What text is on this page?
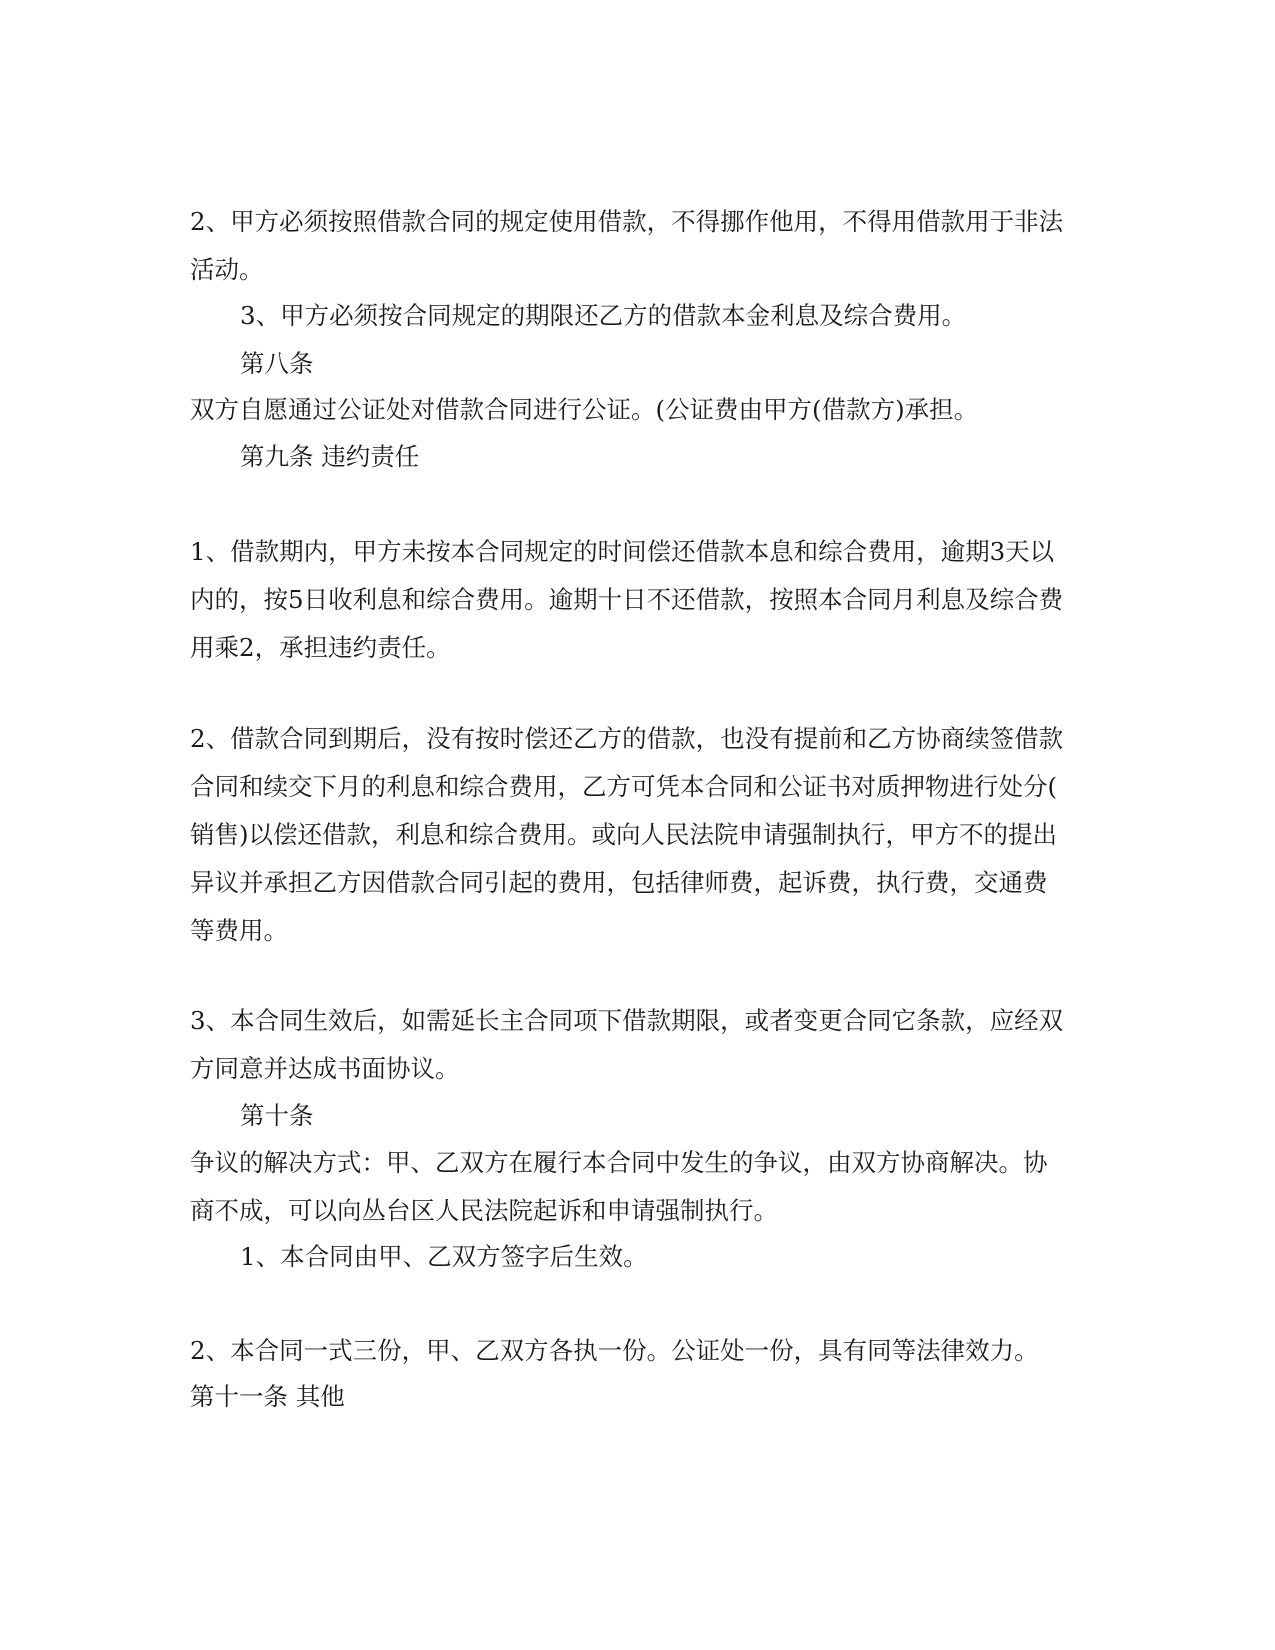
2、甲方必须按照借款合同的规定使用借款，不得挪作他用，不得用借款用于非法
活动。

3、甲方必须按合同规定的期限还乙方的借款本金利息及综合费用。

第八条

双方自愿通过公证处对借款合同进行公证。(公证费由甲方(借款方)承担。

第九条 违约责任

1、借款期内，甲方未按本合同规定的时间偿还借款本息和综合费用，逾期3天以
内的，按5日收利息和综合费用。逾期十日不还借款，按照本合同月利息及综合费
用乘2，承担违约责任。

2、借款合同到期后，没有按时偿还乙方的借款，也没有提前和乙方协商续签借款
合同和续交下月的利息和综合费用，乙方可凭本合同和公证书对质押物进行处分(
销售)以偿还借款，利息和综合费用。或向人民法院申请强制执行，甲方不的提出
异议并承担乙方因借款合同引起的费用，包括律师费，起诉费，执行费，交通费
等费用。

3、本合同生效后，如需延长主合同项下借款期限，或者变更合同它条款，应经双
方同意并达成书面协议。

第十条

争议的解决方式：甲、乙双方在履行本合同中发生的争议，由双方协商解决。协
商不成，可以向丛台区人民法院起诉和申请强制执行。

1、本合同由甲、乙双方签字后生效。

2、本合同一式三份，甲、乙双方各执一份。公证处一份，具有同等法律效力。

第十一条 其他
